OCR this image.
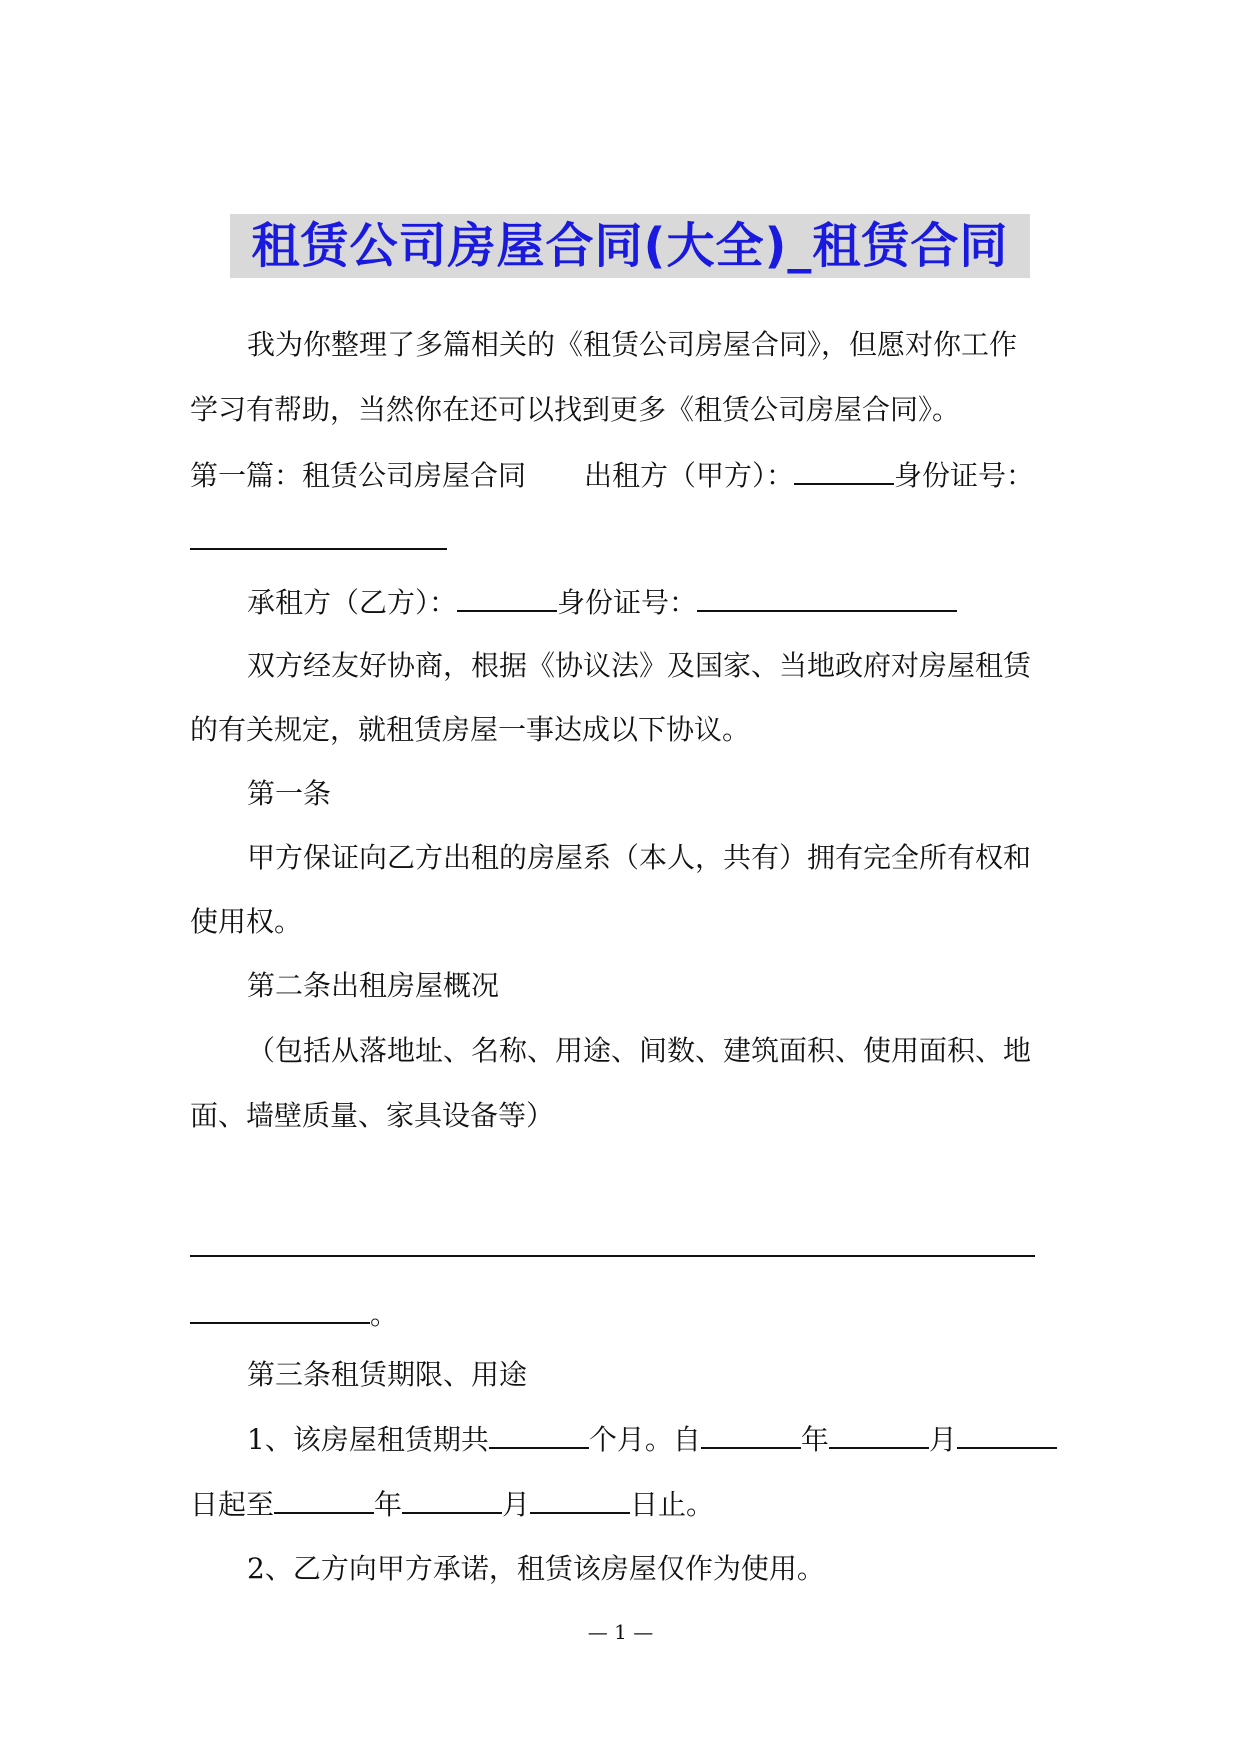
租赁公司房屋合同(大全)_租赁合同
我为你整理了多篇相关的《租赁公司房屋合同》，但愿对你工作
学习有帮助，当然你在还可以找到更多《租赁公司房屋合同》。
第一篇：租赁公司房屋合同 出租方（甲方）：	身份证号：
承租方（乙方）：	身份证号：
双方经友好协商，根据《协议法》及国家、当地政府对房屋租赁
的有关规定，就租赁房屋一事达成以下协议。
第一条
甲方保证向乙方出租的房屋系（本人，共有）拥有完全所有权和
使用权。
第二条出租房屋概况
（包括从落地址、名称、用途、间数、建筑面积、使用面积、地
面、墙壁质量、家具设备等）
。
第三条租赁期限、用途
1、该房屋租赁期共	个月。自	年	月
日起至	年	月	日止。
2、乙方向甲方承诺，租赁该房屋仅作为使用。
— 1 —
